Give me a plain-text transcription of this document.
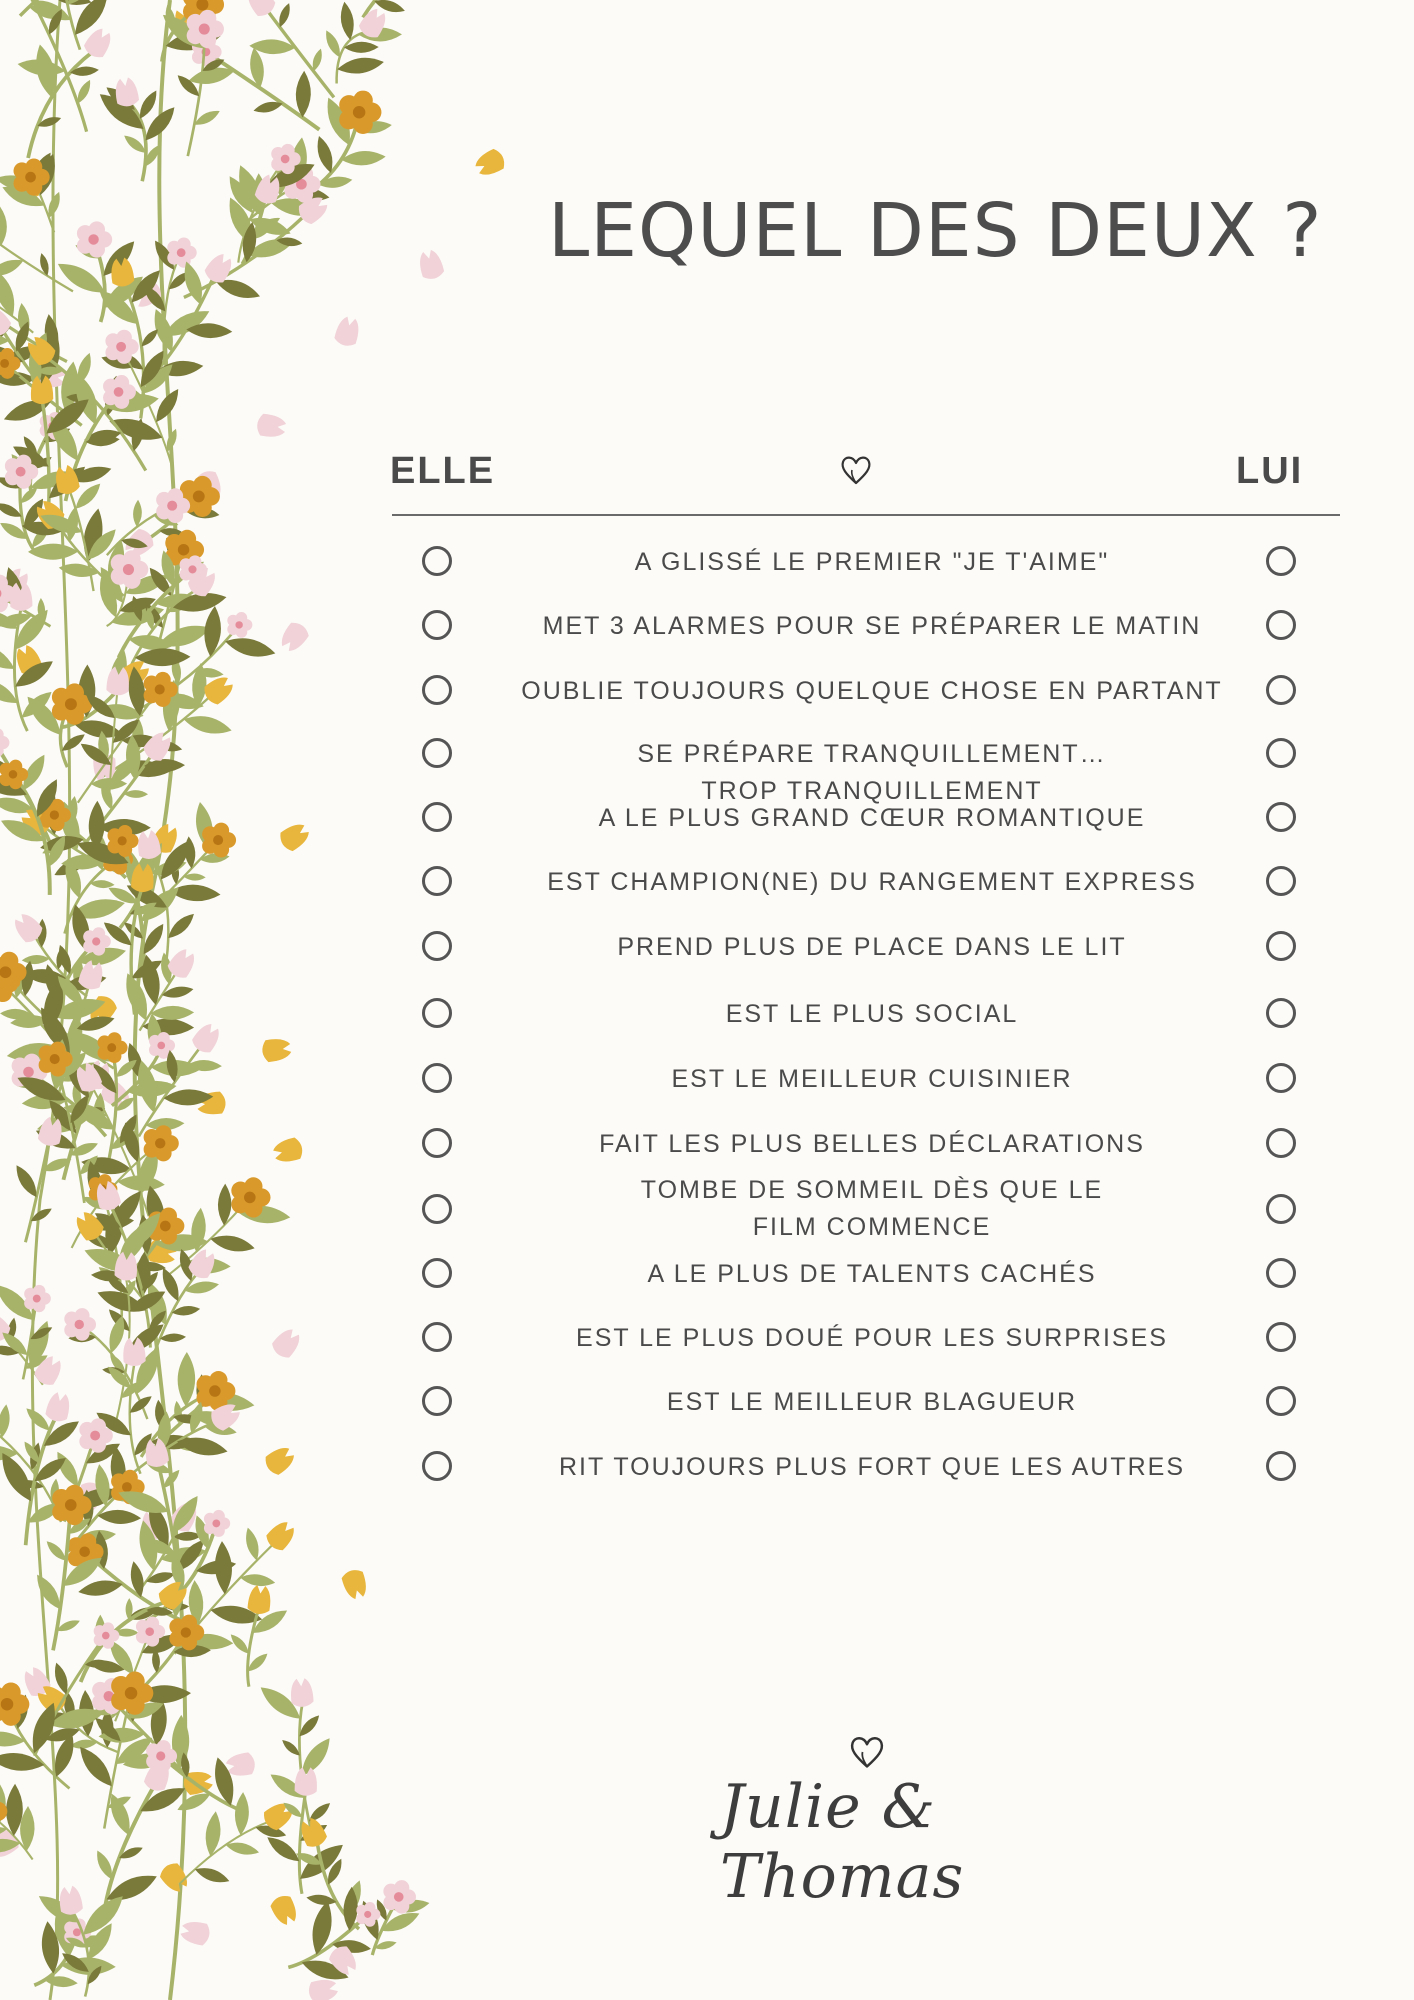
LEQUEL DES DEUX ?
ELLE	LUI
A GLISSÉ LE PREMIER "JE T'AIME"
MET 3 ALARMES POUR SE PRÉPARER LE MATIN
OUBLIE TOUJOURS QUELQUE CHOSE EN PARTANT
SE PRÉPARE TRANQUILLEMENT… TROP TRANQUILLEMENT
A LE PLUS GRAND CŒUR ROMANTIQUE
EST CHAMPION(NE) DU RANGEMENT EXPRESS
PREND PLUS DE PLACE DANS LE LIT
EST LE PLUS SOCIAL
EST LE MEILLEUR CUISINIER
FAIT LES PLUS BELLES DÉCLARATIONS
TOMBE DE SOMMEIL DÈS QUE LE FILM COMMENCE
A LE PLUS DE TALENTS CACHÉS
EST LE PLUS DOUÉ POUR LES SURPRISES
EST LE MEILLEUR BLAGUEUR
RIT TOUJOURS PLUS FORT QUE LES AUTRES
Julie & Thomas
